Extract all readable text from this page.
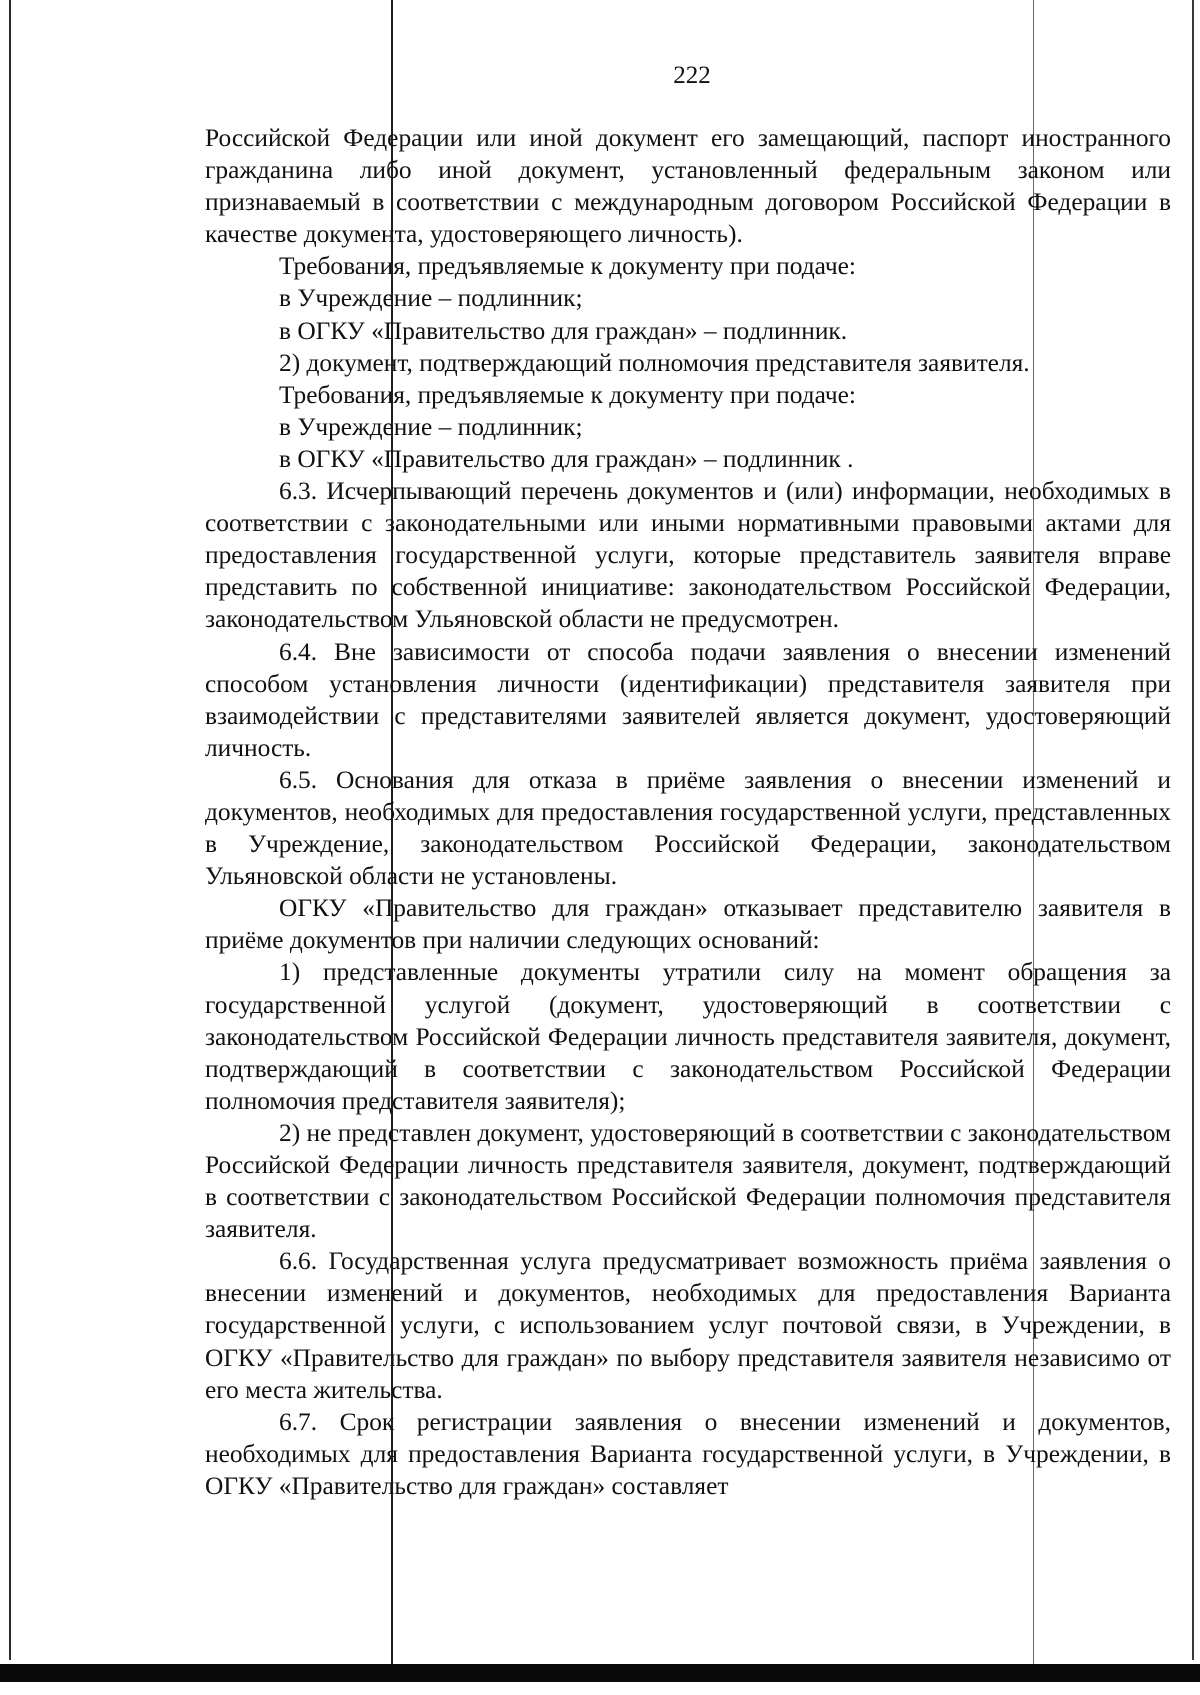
222

Российской Федерации или иной документ его замещающий, паспорт иностранного гражданина либо иной документ, установленный федеральным законом или признаваемый в соответствии с международным договором Российской Федерации в качестве документа, удостоверяющего личность).

Требования, предъявляемые к документу при подаче:

в Учреждение – подлинник;

в ОГКУ «Правительство для граждан» – подлинник.

2) документ, подтверждающий полномочия представителя заявителя.

Требования, предъявляемые к документу при подаче:

в Учреждение – подлинник;

в ОГКУ «Правительство для граждан» – подлинник .

6.3. Исчерпывающий перечень документов и (или) информации, необходимых в соответствии с законодательными или иными нормативными правовыми актами для предоставления государственной услуги, которые представитель заявителя вправе представить по собственной инициативе: законодательством Российской Федерации, законодательством Ульяновской области не предусмотрен.

6.4. Вне зависимости от способа подачи заявления о внесении изменений способом установления личности (идентификации) представителя заявителя при взаимодействии с представителями заявителей является документ, удостоверяющий личность.

6.5. Основания для отказа в приёме заявления о внесении изменений и документов, необходимых для предоставления государственной услуги, представленных в Учреждение, законодательством Российской Федерации, законодательством Ульяновской области не установлены.

ОГКУ «Правительство для граждан» отказывает представителю заявителя в приёме документов при наличии следующих оснований:

1) представленные документы утратили силу на момент обращения за государственной услугой (документ, удостоверяющий в соответствии с законодательством Российской Федерации личность представителя заявителя, документ, подтверждающий в соответствии с законодательством Российской Федерации полномочия представителя заявителя);

2) не представлен документ, удостоверяющий в соответствии с законодательством Российской Федерации личность представителя заявителя, документ, подтверждающий в соответствии с законодательством Российской Федерации полномочия представителя заявителя.

6.6. Государственная услуга предусматривает возможность приёма заявления о внесении изменений и документов, необходимых для предоставления Варианта государственной услуги, с использованием услуг почтовой связи, в Учреждении, в ОГКУ «Правительство для граждан» по выбору представителя заявителя независимо от его места жительства.

6.7. Срок регистрации заявления о внесении изменений и документов, необходимых для предоставления Варианта государственной услуги, в Учреждении, в ОГКУ «Правительство для граждан» составляет
